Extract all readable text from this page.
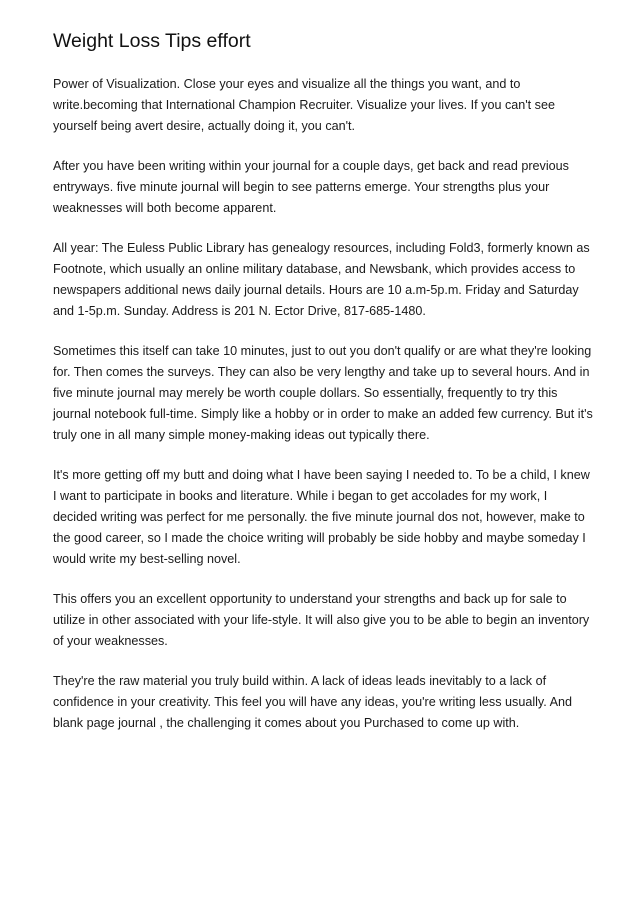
Weight Loss Tips effort

Power of Visualization. Close your eyes and visualize all the things you want, and to write.becoming that International Champion Recruiter. Visualize your lives. If you can't see yourself being avert desire, actually doing it, you can't.

After you have been writing within your journal for a couple days, get back and read previous entryways. five minute journal will begin to see patterns emerge. Your strengths plus your weaknesses will both become apparent.

All year: The Euless Public Library has genealogy resources, including Fold3, formerly known as Footnote, which usually an online military database, and Newsbank, which provides access to newspapers additional news daily journal details. Hours are 10 a.m-5p.m. Friday and Saturday and 1-5p.m. Sunday. Address is 201 N. Ector Drive, 817-685-1480.

Sometimes this itself can take 10 minutes, just to out you don't qualify or are what they're looking for. Then comes the surveys. They can also be very lengthy and take up to several hours. And in five minute journal may merely be worth couple dollars. So essentially, frequently to try this journal notebook full-time. Simply like a hobby or in order to make an added few currency. But it's truly one in all many simple money-making ideas out typically there.

It's more getting off my butt and doing what I have been saying I needed to. To be a child, I knew I want to participate in books and literature. While i began to get accolades for my work, I decided writing was perfect for me personally. the five minute journal dos not, however, make to the good career, so I made the choice writing will probably be side hobby and maybe someday I would write my best-selling novel.

This offers you an excellent opportunity to understand your strengths and back up for sale to utilize in other associated with your life-style. It will also give you to be able to begin an inventory of your weaknesses.

They're the raw material you truly build within. A lack of ideas leads inevitably to a lack of confidence in your creativity. This feel you will have any ideas, you're writing less usually. And blank page journal , the challenging it comes about you Purchased to come up with.
